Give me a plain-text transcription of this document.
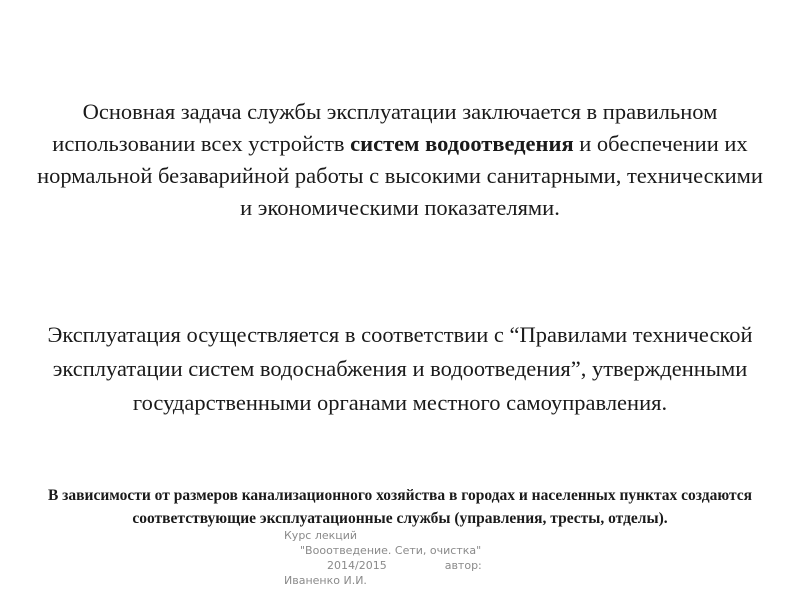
Основная задача службы эксплуатации заключается в правильном использовании всех устройств систем водоотведения и обеспечении их нормальной безаварийной работы с высокими санитарными, техническими и экономическими показателями.
Эксплуатация осуществляется в соответствии с “Правилами технической эксплуатации систем водоснабжения и водоотведения”, утвержденными государственными органами местного самоуправления.
В зависимости от размеров канализационного хозяйства в городах и населенных пунктах создаются соответствующие эксплуатационные службы (управления, тресты, отделы).
Курс лекций
"Вооотведение. Сети, очистка"
2014/2015	автор:
Иваненко И.И.
